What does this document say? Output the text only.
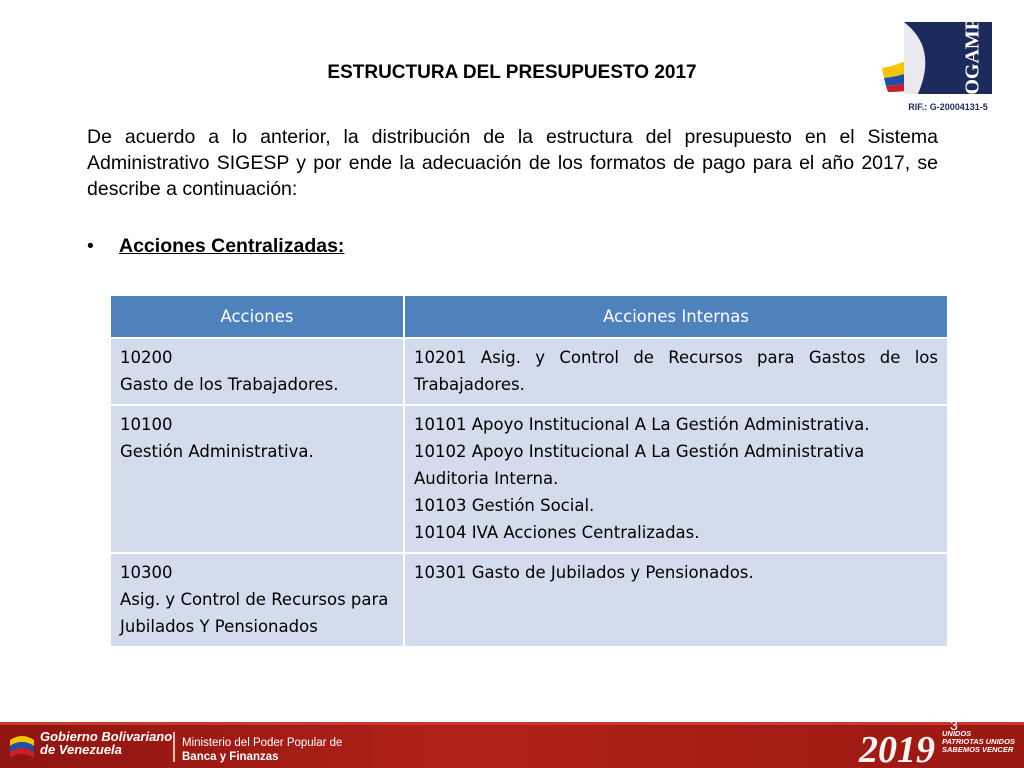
SOGAMPI
RIF.: G-20004131-5
ESTRUCTURA DEL PRESUPUESTO 2017
De acuerdo a lo anterior, la distribución de la estructura del presupuesto en el Sistema Administrativo SIGESP y por ende la adecuación de los formatos de pago para el año 2017, se describe a continuación:
• Acciones Centralizadas:
Acciones	Acciones Internas

10200
Gasto de los Trabajadores.	10201 Asig. y Control de Recursos para Gastos de los Trabajadores.

10100
Gestión Administrativa.	10101 Apoyo Institucional A La Gestión Administrativa.
10102 Apoyo Institucional A La Gestión Administrativa Auditoria Interna.
10103 Gestión Social.
10104 IVA Acciones Centralizadas.

10300
Asig. y Control de Recursos para Jubilados Y Pensionados	10301 Gasto de Jubilados y Pensionados.
Gobierno Bolivariano
de Venezuela	Ministerio del Poder Popular de
Banca y Finanzas	2019 UNIDOS
PATRIOTAS UNIDOS
SABEMOS VENCER
3
